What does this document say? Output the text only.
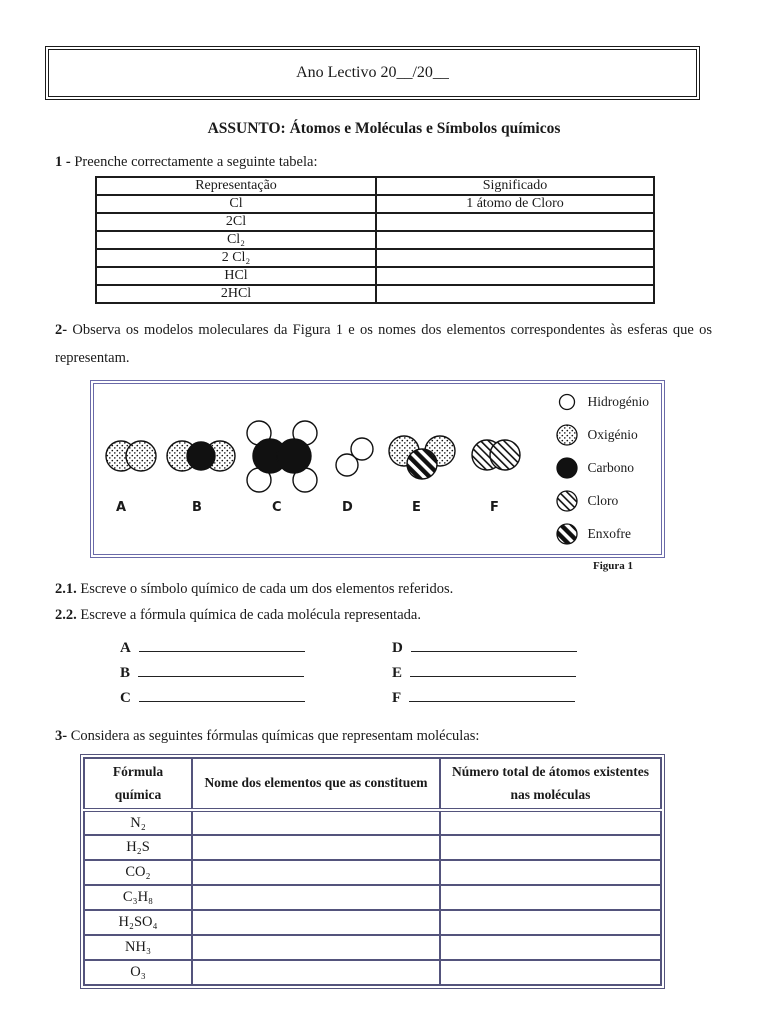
Ano Lectivo 20__/20__
ASSUNTO: Átomos e Moléculas e Símbolos químicos

1 - Preenche correctamente a seguinte tabela:

Representação	Significado
Cl	1 átomo de Cloro
2Cl	
Cl₂	
2 Cl₂	
HCl	
2HCl	

2- Observa os modelos moleculares da Figura 1 e os nomes dos elementos correspondentes às esferas que os representam.

A	B	C	D	E	F
Hidrogénio
Oxigénio
Carbono
Cloro
Enxofre
Figura 1

2.1. Escreve o símbolo químico de cada um dos elementos referidos.

2.2. Escreve a fórmula química de cada molécula representada.

A	D
B	E
C	F

3- Considera as seguintes fórmulas químicas que representam moléculas:

Fórmula química	Nome dos elementos que as constituem	Número total de átomos existentes nas moléculas
N₂		
H₂S		
CO₂		
C₃H₈		
H₂SO₄		
NH₃		
O₃		
